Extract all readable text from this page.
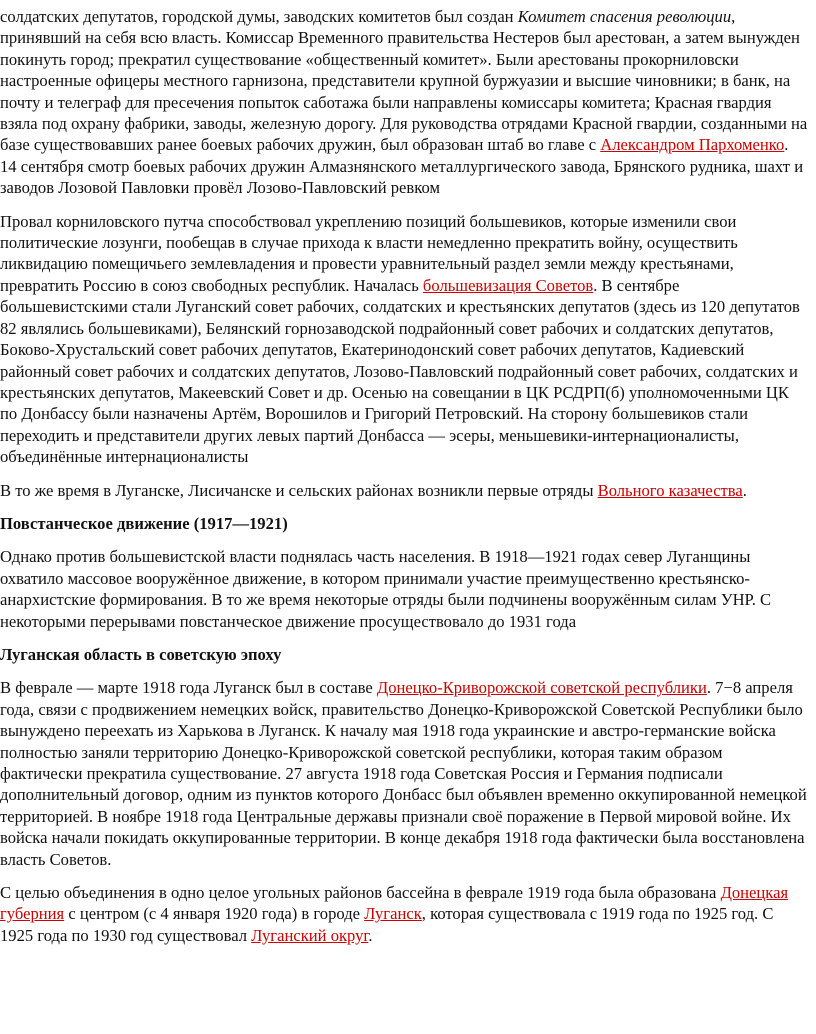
солдатских депутатов, городской думы, заводских комитетов был создан Комитет спасения революции, принявший на себя всю власть. Комиссар Временного правительства Нестеров был арестован, а затем вынужден покинуть город; прекратил существование «общественный комитет». Были арестованы прокорниловски настроенные офицеры местного гарнизона, представители крупной буржуазии и высшие чиновники; в банк, на почту и телеграф для пресечения попыток саботажа были направлены комиссары комитета; Красная гвардия взяла под охрану фабрики, заводы, железную дорогу. Для руководства отрядами Красной гвардии, созданными на базе существовавших ранее боевых рабочих дружин, был образован штаб во главе с Александром Пархоменко. 14 сентября смотр боевых рабочих дружин Алмазнянского металлургического завода, Брянского рудника, шахт и заводов Лозовой Павловки провёл Лозово-Павловский ревком

Провал корниловского путча способствовал укреплению позиций большевиков, которые изменили свои политические лозунги, пообещав в случае прихода к власти немедленно прекратить войну, осуществить ликвидацию помещичьего землевладения и провести уравнительный раздел земли между крестьянами, превратить Россию в союз свободных республик. Началась большевизация Советов. В сентябре большевистскими стали Луганский совет рабочих, солдатских и крестьянских депутатов (здесь из 120 депутатов 82 являлись большевиками), Белянский горнозаводской подрайонный совет рабочих и солдатских депутатов, Боково-Хрустальский совет рабочих депутатов, Екатеринодонский совет рабочих депутатов, Кадиевский районный совет рабочих и солдатских депутатов, Лозово-Павловский подрайонный совет рабочих, солдатских и крестьянских депутатов, Макеевский Совет и др. Осенью на совещании в ЦК РСДРП(б) уполномоченными ЦК по Донбассу были назначены Артём, Ворошилов и Григорий Петровский. На сторону большевиков стали переходить и представители других левых партий Донбасса — эсеры, меньшевики-интернационалисты, объединённые интернационалисты

В то же время в Луганске, Лисичанске и сельских районах возникли первые отряды Вольного казачества.

Повстанческое движение (1917—1921)

Однако против большевистской власти поднялась часть населения. В 1918—1921 годах север Луганщины охватило массовое вооружённое движение, в котором принимали участие преимущественно крестьянско-анархистские формирования. В то же время некоторые отряды были подчинены вооружённым силам УНР. С некоторыми перерывами повстанческое движение просуществовало до 1931 года

Луганская область в советскую эпоху

В феврале — марте 1918 года Луганск был в составе Донецко-Криворожской советской республики. 7−8 апреля года, связи с продвижением немецких войск, правительство Донецко-Криворожской Советской Республики было вынуждено переехать из Харькова в Луганск. К началу мая 1918 года украинские и австро-германские войска полностью заняли территорию Донецко-Криворожской советской республики, которая таким образом фактически прекратила существование. 27 августа 1918 года Советская Россия и Германия подписали дополнительный договор, одним из пунктов которого Донбасс был объявлен временно оккупированной немецкой территорией. В ноябре 1918 года Центральные державы признали своё поражение в Первой мировой войне. Их войска начали покидать оккупированные территории. В конце декабря 1918 года фактически была восстановлена власть Советов.

С целью объединения в одно целое угольных районов бассейна в феврале 1919 года была образована Донецкая губерния с центром (с 4 января 1920 года) в городе Луганск, которая существовала с 1919 года по 1925 год. С 1925 года по 1930 год существовал Луганский округ.
